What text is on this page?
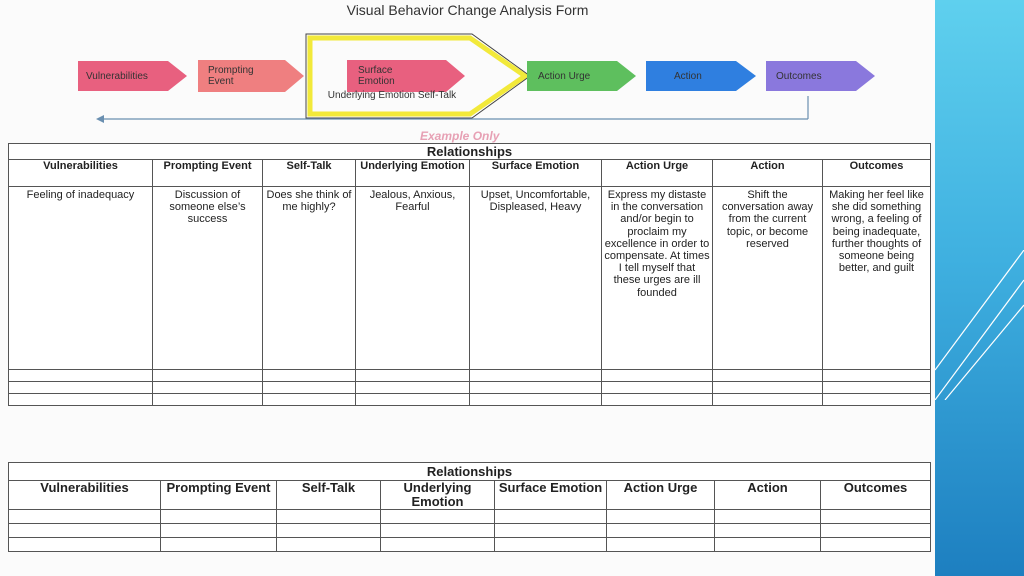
Visual Behavior Change Analysis Form
Vulnerabilities	Prompting Event
Surface Emotion
Underlying Emotion Self-Talk
Action Urge	Action	Outcomes
Example Only
Relationships							
Vulnerabilities	Prompting Event	Self-Talk	Underlying Emotion	Surface Emotion	Action Urge	Action	Outcomes
Feeling of inadequacy	Discussion of someone else’s success	Does she think of me highly?	Jealous, Anxious, Fearful	Upset, Uncomfortable, Displeased, Heavy	Express my distaste in the conversation and/or begin to proclaim my excellence in order to compensate. At times I tell myself that these urges are ill founded	Shift the conversation away from the current topic, or become reserved	Making her feel like she did something wrong, a feeling of being inadequate, further thoughts of someone being better, and guilt

Relationships							
Vulnerabilities	Prompting Event	Self-Talk	Underlying Emotion	Surface Emotion	Action Urge	Action	Outcomes
